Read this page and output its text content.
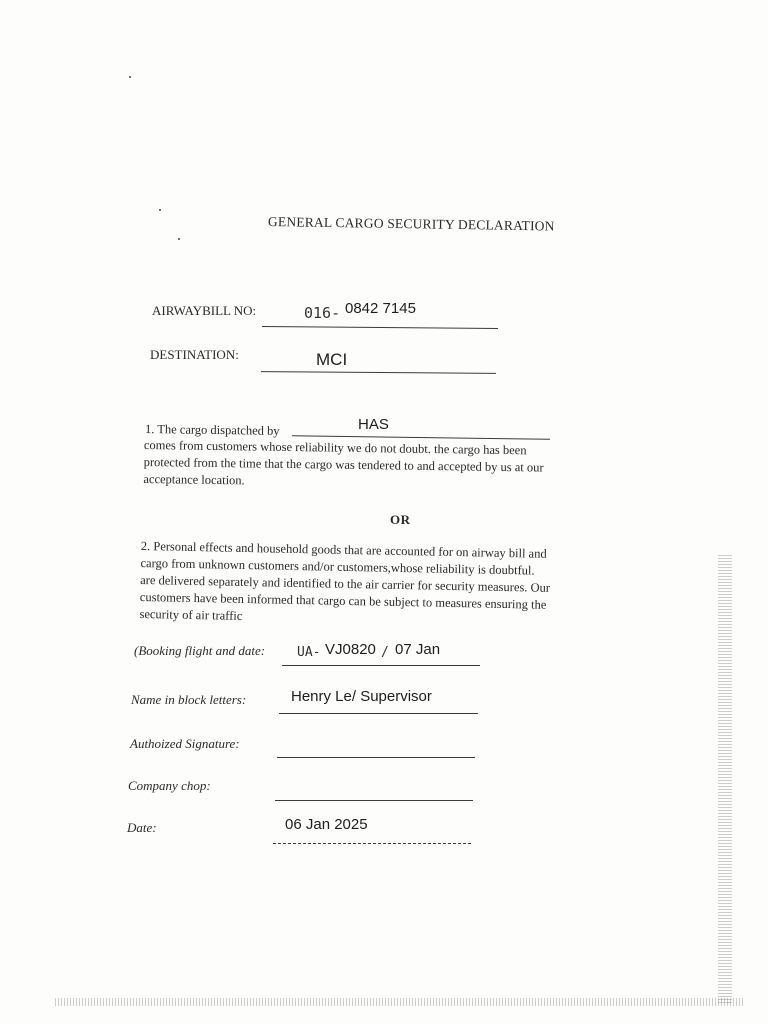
GENERAL CARGO SECURITY DECLARATION
AIRWAYBILL NO:	016- 0842 7145
DESTINATION:	MCI
1. The cargo dispatched by	HAS

comes from customers whose reliability we do not doubt. the cargo has been

protected from the time that the cargo was tendered to and accepted by us at our

acceptance location.

OR

2. Personal effects and household goods that are accounted for on airway bill and

cargo from unknown customers and/or customers,whose reliability is doubtful.

are delivered separately and identified to the air carrier for security measures. Our

customers have been informed that cargo can be subject to measures ensuring the

security of air traffic

(Booking flight and date: UA- VJ0820 / 07 Jan
Name in block letters:	Henry Le/ Supervisor
Authoized Signature:
Company chop:
Date:	06 Jan 2025
